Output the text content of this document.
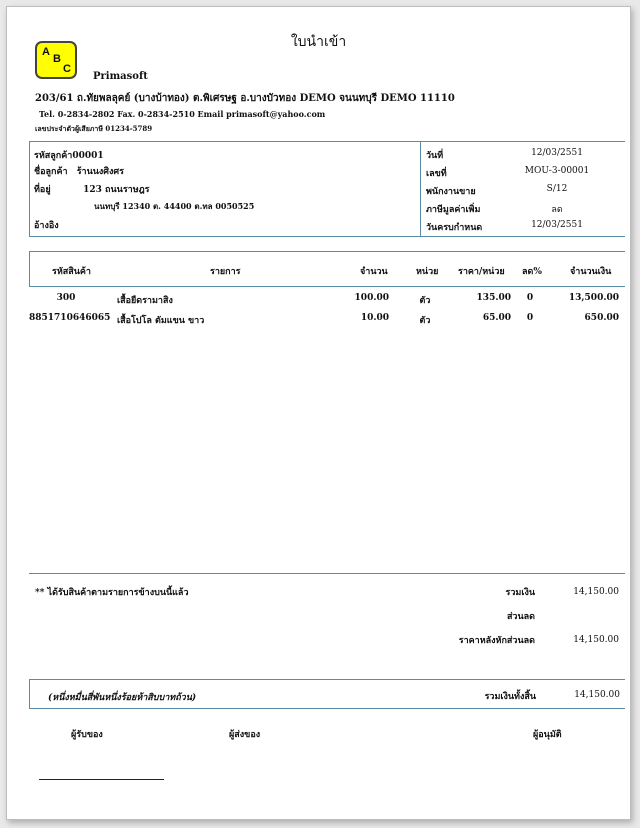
ใบนำเข้า
A
B
C
Primasoft
203/61 ถ.ทัยพลลุคย์ (บางบ้าทอง) ต.พิเศรษฐ อ.บางบัวทอง DEMO จนนทบุรี DEMO 11110
Tel. 0-2834-2802 Fax. 0-2834-2510 Email primasoft@yahoo.com
เลขประจำตัวผู้เสียภาษี 01234-5789
รหัสลูกค้า00001
ชื่อลูกค้า ร้านนงศิงศร
ที่อยู่	123 ถนนราษฎร
นนทบุรี 12340 ต. 44400 ต.ทล 0050525
อ้างอิง
วันที่	12/03/2551
เลขที่	MOU-3-00001
พนักงานขาย	S/12
ภาษีมูลค่าเพิ่ม	ลด
วันครบกำหนด	12/03/2551
รหัสสินค้า	รายการ	จำนวน	หน่วย ราคา/หน่วย ลด%	จำนวนเงิน
300	เสื้อยืดรามาสิง	100.00	ตัว	135.00	0	13,500.00
8851710646065 เสื้อโปโล ตัมแขน ขาว	10.00	ตัว	65.00	0	650.00
** ได้รับสินค้าตามรายการข้างบนนี้แล้ว	รวมเงิน	14,150.00
ส่วนลด
ราคาหลังหักส่วนลด	14,150.00
(หนึ่งหมื่นสี่พันหนึ่งร้อยห้าสิบบาทถ้วน)	รวมเงินทั้งสิ้น	14,150.00
ผู้รับของ	ผู้ส่งของ	ผู้อนุมัติ
